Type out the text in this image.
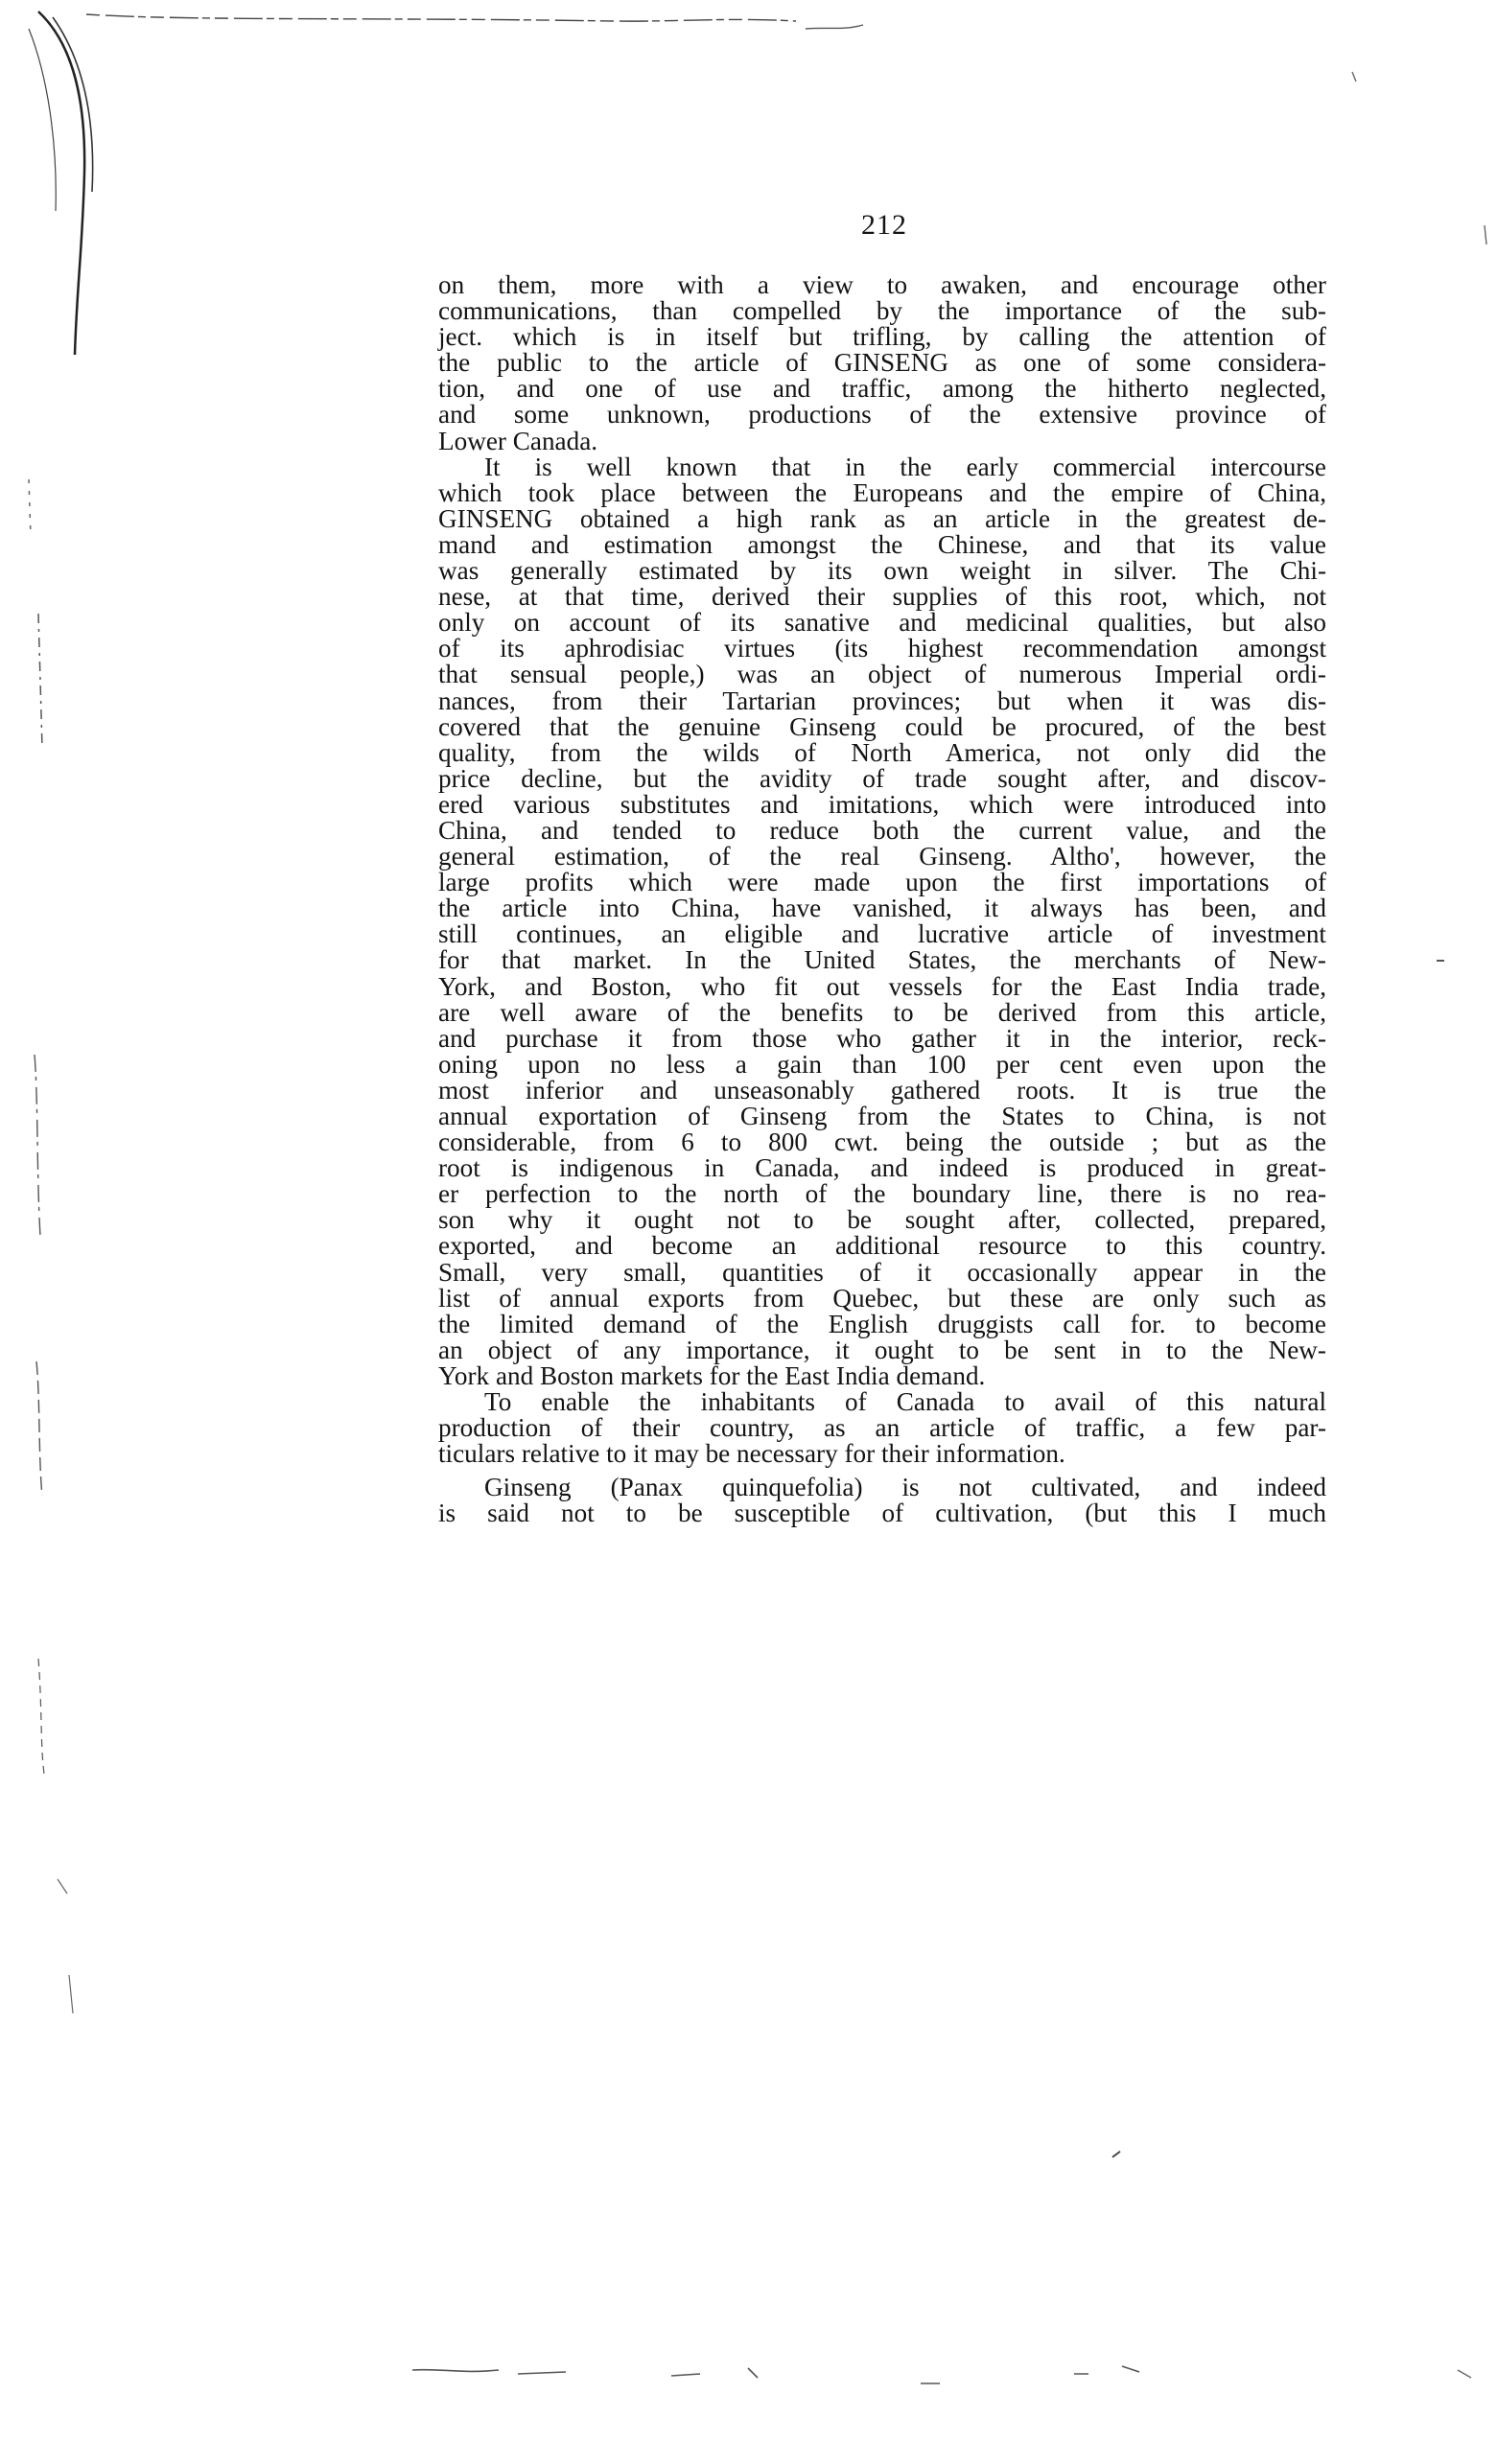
212
on them, more with a view to awaken, and encourage other
communications, than compelled by the importance of the sub-
ject. which is in itself but trifling, by calling the attention of
the public to the article of GINSENG as one of some considera-
tion, and one of use and traffic, among the hitherto neglected,
and some unknown, productions of the extensive province of
Lower Canada.
It is well known that in the early commercial intercourse
which took place between the Europeans and the empire of China,
GINSENG obtained a high rank as an article in the greatest de-
mand and estimation amongst the Chinese, and that its value
was generally estimated by its own weight in silver. The Chi-
nese, at that time, derived their supplies of this root, which, not
only on account of its sanative and medicinal qualities, but also
of its aphrodisiac virtues (its highest recommendation amongst
that sensual people,) was an object of numerous Imperial ordi-
nances, from their Tartarian provinces; but when it was dis-
covered that the genuine Ginseng could be procured, of the best
quality, from the wilds of North America, not only did the
price decline, but the avidity of trade sought after, and discov-
ered various substitutes and imitations, which were introduced into
China, and tended to reduce both the current value, and the
general estimation, of the real Ginseng. Altho', however, the
large profits which were made upon the first importations of
the article into China, have vanished, it always has been, and
still continues, an eligible and lucrative article of investment
for that market. In the United States, the merchants of New-
York, and Boston, who fit out vessels for the East India trade,
are well aware of the benefits to be derived from this article,
and purchase it from those who gather it in the interior, reck-
oning upon no less a gain than 100 per cent even upon the
most inferior and unseasonably gathered roots. It is true the
annual exportation of Ginseng from the States to China, is not
considerable, from 6 to 800 cwt. being the outside ; but as the
root is indigenous in Canada, and indeed is produced in great-
er perfection to the north of the boundary line, there is no rea-
son why it ought not to be sought after, collected, prepared,
exported, and become an additional resource to this country.
Small, very small, quantities of it occasionally appear in the
list of annual exports from Quebec, but these are only such as
the limited demand of the English druggists call for. to become
an object of any importance, it ought to be sent in to the New-
York and Boston markets for the East India demand.
To enable the inhabitants of Canada to avail of this natural
production of their country, as an article of traffic, a few par-
ticulars relative to it may be necessary for their information.
Ginseng (Panax quinquefolia) is not cultivated, and indeed
is said not to be susceptible of cultivation, (but this I much
